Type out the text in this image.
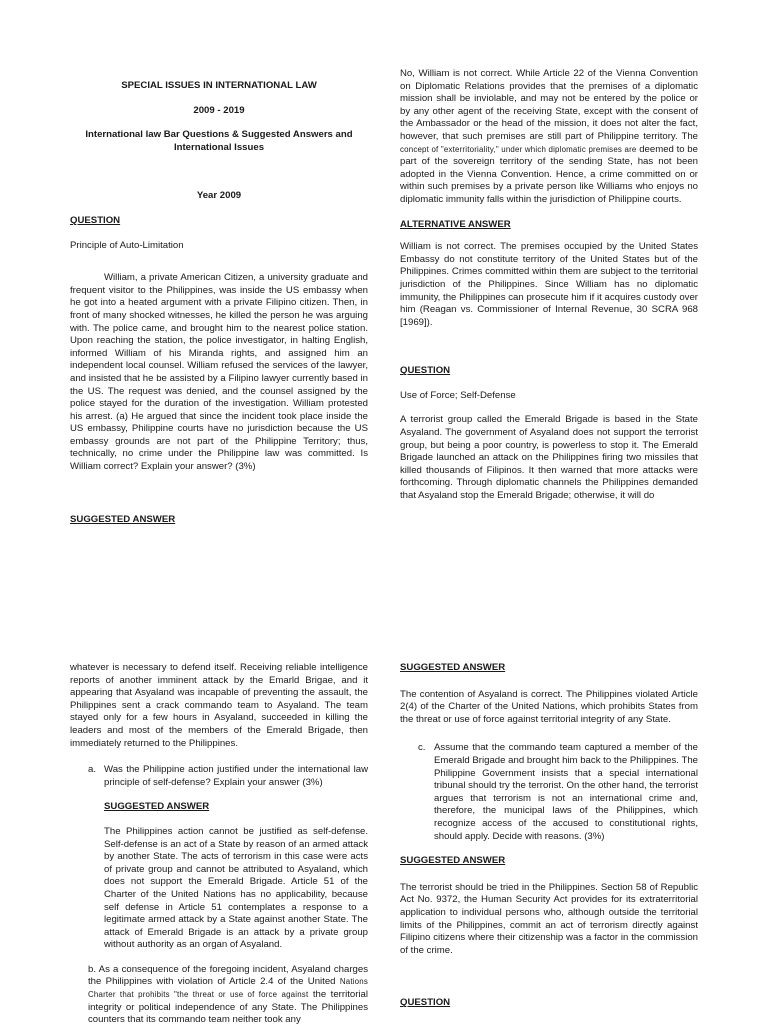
SPECIAL ISSUES IN INTERNATIONAL LAW

2009 - 2019

International law Bar Questions & Suggested Answers and International Issues

Year 2009

QUESTION

Principle of Auto-Limitation

William, a private American Citizen, a university graduate and frequent visitor to the Philippines, was inside the US embassy when he got into a heated argument with a private Filipino citizen. Then, in front of many shocked witnesses, he killed the person he was arguing with. The police came, and brought him to the nearest police station. Upon reaching the station, the police investigator, in halting English, informed William of his Miranda rights, and assigned him an independent local counsel. William refused the services of the lawyer, and insisted that he be assisted by a Filipino lawyer currently based in the US. The request was denied, and the counsel assigned by the police stayed for the duration of the investigation. William protested his arrest. (a) He argued that since the incident took place inside the US embassy, Philippine courts have no jurisdiction because the US embassy grounds are not part of the Philippine Territory; thus, technically, no crime under the Philippine law was committed. Is William correct? Explain your answer? (3%)

SUGGESTED ANSWER

No, William is not correct. While Article 22 of the Vienna Convention on Diplomatic Relations provides that the premises of a diplomatic mission shall be inviolable, and may not be entered by the police or by any other agent of the receiving State, except with the consent of the Ambassador or the head of the mission, it does not alter the fact, however, that such premises are still part of Philippine territory. The concept of "exterritoriality," under which diplomatic premises are deemed to be part of the sovereign territory of the sending State, has not been adopted in the Vienna Convention. Hence, a crime committed on or within such premises by a private person like Williams who enjoys no diplomatic immunity falls within the jurisdiction of Philippine courts.

ALTERNATIVE ANSWER

William is not correct. The premises occupied by the United States Embassy do not constitute territory of the United States but of the Philippines. Crimes committed within them are subject to the territorial jurisdiction of the Philippines. Since William has no diplomatic immunity, the Philippines can prosecute him if it acquires custody over him (Reagan vs. Commissioner of Internal Revenue, 30 SCRA 968 [1969]).

QUESTION

Use of Force; Self-Defense

A terrorist group called the Emerald Brigade is based in the State Asyaland. The government of Asyaland does not support the terrorist group, but being a poor country, is powerless to stop it. The Emerald Brigade launched an attack on the Philippines firing two missiles that killed thousands of Filipinos. It then warned that more attacks were forthcoming. Through diplomatic channels the Philippines demanded that Asyaland stop the Emerald Brigade; otherwise, it will do

whatever is necessary to defend itself. Receiving reliable intelligence reports of another imminent attack by the Emarld Brigae, and it appearing that Asyaland was incapable of preventing the assault, the Philippines sent a crack commando team to Asyaland. The team stayed only for a few hours in Asyaland, succeeded in killing the leaders and most of the members of the Emerald Brigade, then immediately returned to the Philippines.

a. Was the Philippine action justified under the international law principle of self-defense? Explain your answer (3%)

SUGGESTED ANSWER

The Philippines action cannot be justified as self-defense. Self-defense is an act of a State by reason of an armed attack by another State. The acts of terrorism in this case were acts of private group and cannot be attributed to Asyaland, which does not support the Emerald Brigade. Article 51 of the Charter of the United Nations has no applicability, because self defense in Article 51 contemplates a response to a legitimate armed attack by a State against another State. The attack of Emerald Brigade is an attack by a private group without authority as an organ of Asyaland.

b. As a consequence of the foregoing incident, Asyaland charges the Philippines with violation of Article 2.4 of the United Nations Charter that prohibits "the threat or use of force against the territorial integrity or political independence of any State. The Philippines counters that its commando team neither took any

SUGGESTED ANSWER

The contention of Asyaland is correct. The Philippines violated Article 2(4) of the Charter of the United Nations, which prohibits States from the threat or use of force against territorial integrity of any State.

c. Assume that the commando team captured a member of the Emerald Brigade and brought him back to the Philippines. The Philippine Government insists that a special international tribunal should try the terrorist. On the other hand, the terrorist argues that terrorism is not an international crime and, therefore, the municipal laws of the Philippines, which recognize access of the accused to constitutional rights, should apply. Decide with reasons. (3%)

SUGGESTED ANSWER

The terrorist should be tried in the Philippines. Section 58 of Republic Act No. 9372, the Human Security Act provides for its extraterritorial application to individual persons who, although outside the territorial limits of the Philippines, commit an act of terrorism directly against Filipino citizens where their citizenship was a factor in the commission of the crime.

QUESTION
